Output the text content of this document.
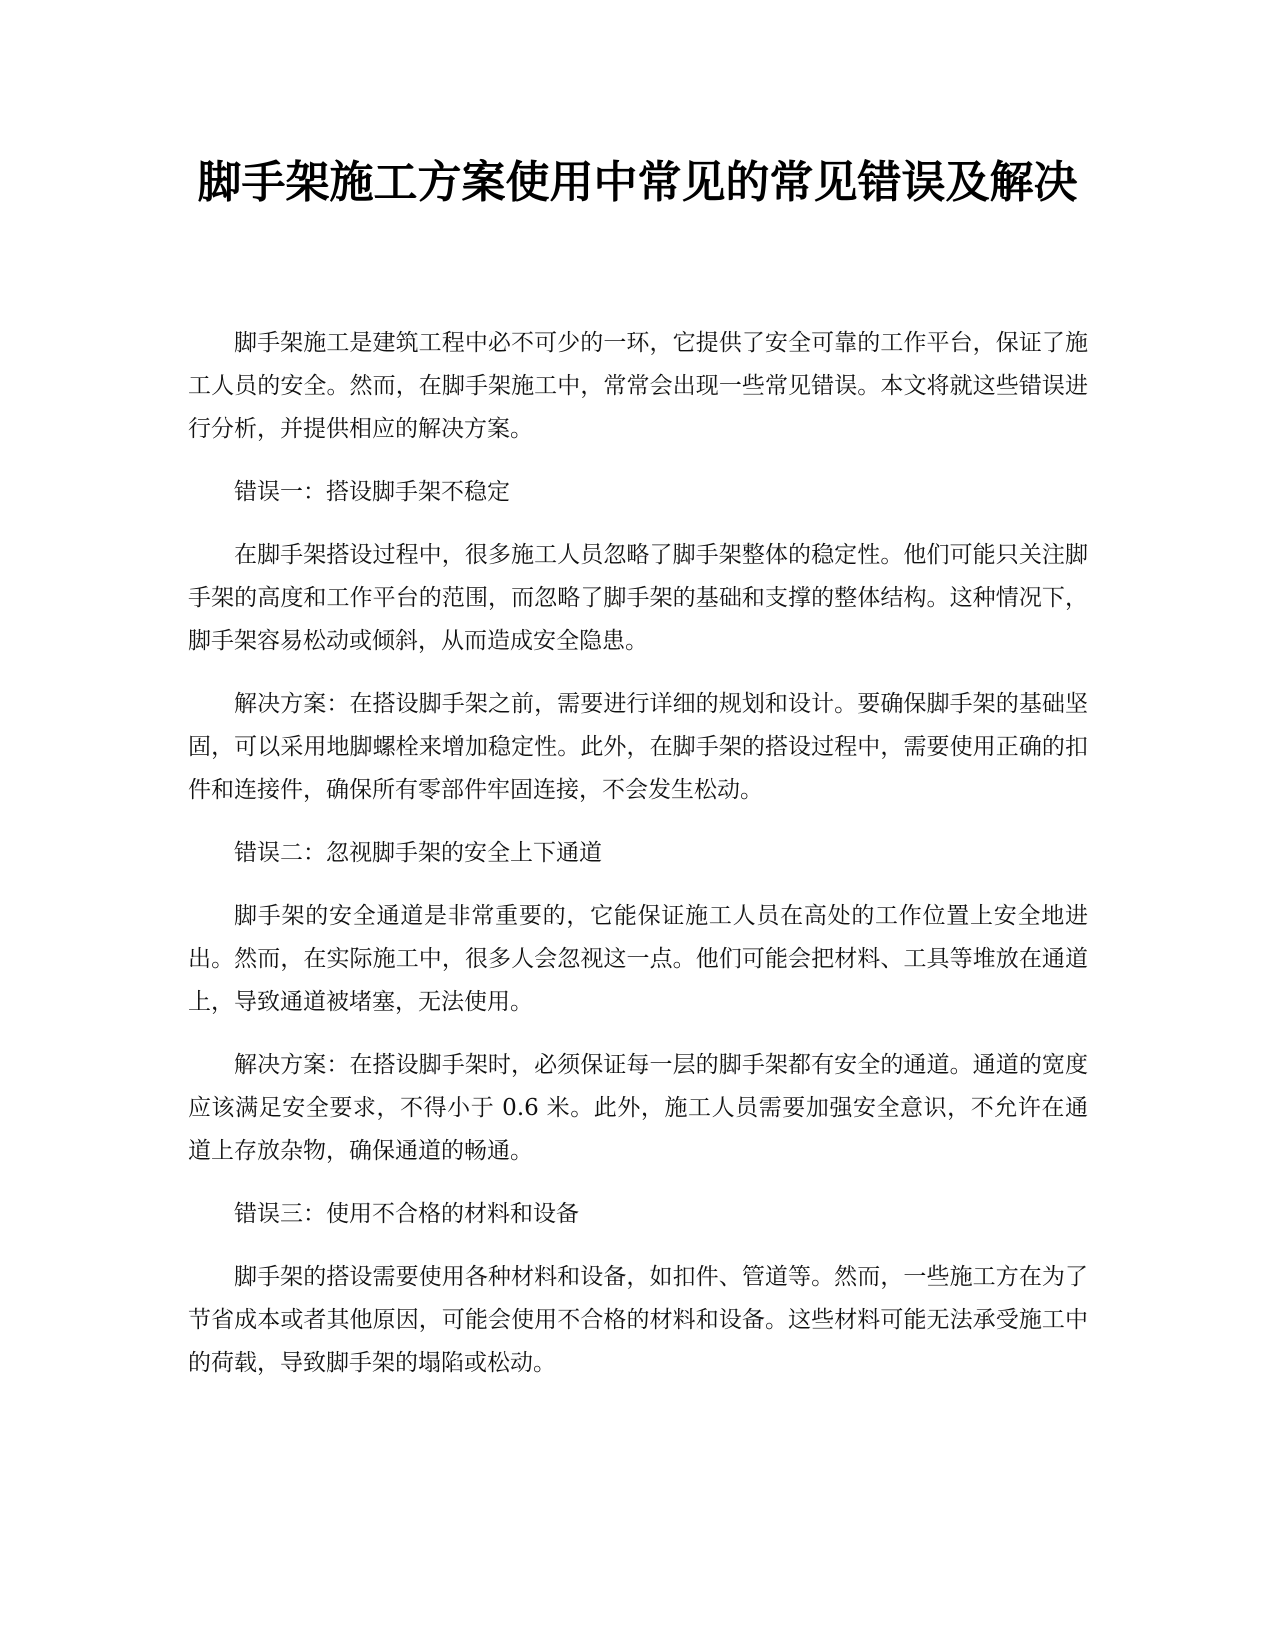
脚手架施工方案使用中常见的常见错误及解决

脚手架施工是建筑工程中必不可少的一环，它提供了安全可靠的工作平台，保证了施工人员的安全。然而，在脚手架施工中，常常会出现一些常见错误。本文将就这些错误进行分析，并提供相应的解决方案。

错误一：搭设脚手架不稳定

在脚手架搭设过程中，很多施工人员忽略了脚手架整体的稳定性。他们可能只关注脚手架的高度和工作平台的范围，而忽略了脚手架的基础和支撑的整体结构。这种情况下，脚手架容易松动或倾斜，从而造成安全隐患。

解决方案：在搭设脚手架之前，需要进行详细的规划和设计。要确保脚手架的基础坚固，可以采用地脚螺栓来增加稳定性。此外，在脚手架的搭设过程中，需要使用正确的扣件和连接件，确保所有零部件牢固连接，不会发生松动。

错误二：忽视脚手架的安全上下通道

脚手架的安全通道是非常重要的，它能保证施工人员在高处的工作位置上安全地进出。然而，在实际施工中，很多人会忽视这一点。他们可能会把材料、工具等堆放在通道上，导致通道被堵塞，无法使用。

解决方案：在搭设脚手架时，必须保证每一层的脚手架都有安全的通道。通道的宽度应该满足安全要求，不得小于 0.6 米。此外，施工人员需要加强安全意识，不允许在通道上存放杂物，确保通道的畅通。

错误三：使用不合格的材料和设备

脚手架的搭设需要使用各种材料和设备，如扣件、管道等。然而，一些施工方在为了节省成本或者其他原因，可能会使用不合格的材料和设备。这些材料可能无法承受施工中的荷载，导致脚手架的塌陷或松动。
